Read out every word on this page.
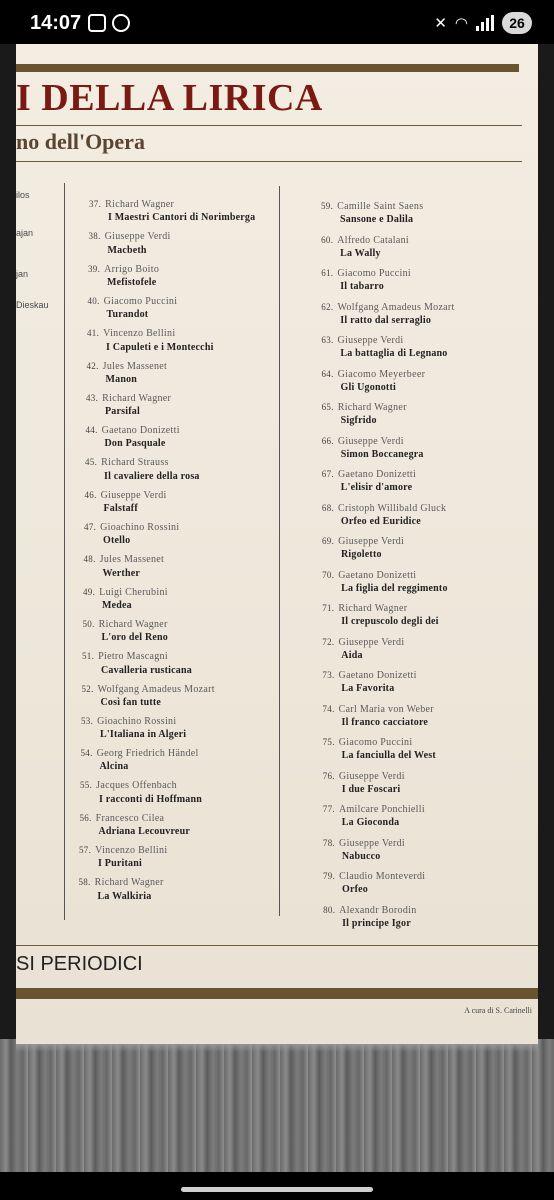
14:07	✕ ◠	26
I DELLA LIRICA
no dell'Opera
ilos
ajan
jan
Dieskau
37. Richard Wagner
I Maestri Cantori di Norimberga
38. Giuseppe Verdi
Macbeth
39. Arrigo Boito
Mefistofele
40. Giacomo Puccini
Turandot
41. Vincenzo Bellini
I Capuleti e i Montecchi
42. Jules Massenet
Manon
43. Richard Wagner
Parsifal
44. Gaetano Donizetti
Don Pasquale
45. Richard Strauss
Il cavaliere della rosa
46. Giuseppe Verdi
Falstaff
47. Gioachino Rossini
Otello
48. Jules Massenet
Werther
49. Luigi Cherubini
Medea
50. Richard Wagner
L'oro del Reno
51. Pietro Mascagni
Cavalleria rusticana
52. Wolfgang Amadeus Mozart
Così fan tutte
53. Gioachino Rossini
L'Italiana in Algeri
54. Georg Friedrich Händel
Alcina
55. Jacques Offenbach
I racconti di Hoffmann
56. Francesco Cilea
Adriana Lecouvreur
57. Vincenzo Bellini
I Puritani
58. Richard Wagner
La Walkiria
59. Camille Saint Saens
Sansone e Dalila
60. Alfredo Catalani
La Wally
61. Giacomo Puccini
Il tabarro
62. Wolfgang Amadeus Mozart
Il ratto dal serraglio
63. Giuseppe Verdi
La battaglia di Legnano
64. Giacomo Meyerbeer
Gli Ugonotti
65. Richard Wagner
Sigfrido
66. Giuseppe Verdi
Simon Boccanegra
67. Gaetano Donizetti
L'elisir d'amore
68. Cristoph Willibald Gluck
Orfeo ed Euridice
69. Giuseppe Verdi
Rigoletto
70. Gaetano Donizetti
La figlia del reggimento
71. Richard Wagner
Il crepuscolo degli dei
72. Giuseppe Verdi
Aida
73. Gaetano Donizetti
La Favorita
74. Carl Maria von Weber
Il franco cacciatore
75. Giacomo Puccini
La fanciulla del West
76. Giuseppe Verdi
I due Foscari
77. Amilcare Ponchielli
La Gioconda
78. Giuseppe Verdi
Nabucco
79. Claudio Monteverdi
Orfeo
80. Alexandr Borodin
Il principe Igor
SI PERIODICI
A cura di S. Carinelli
